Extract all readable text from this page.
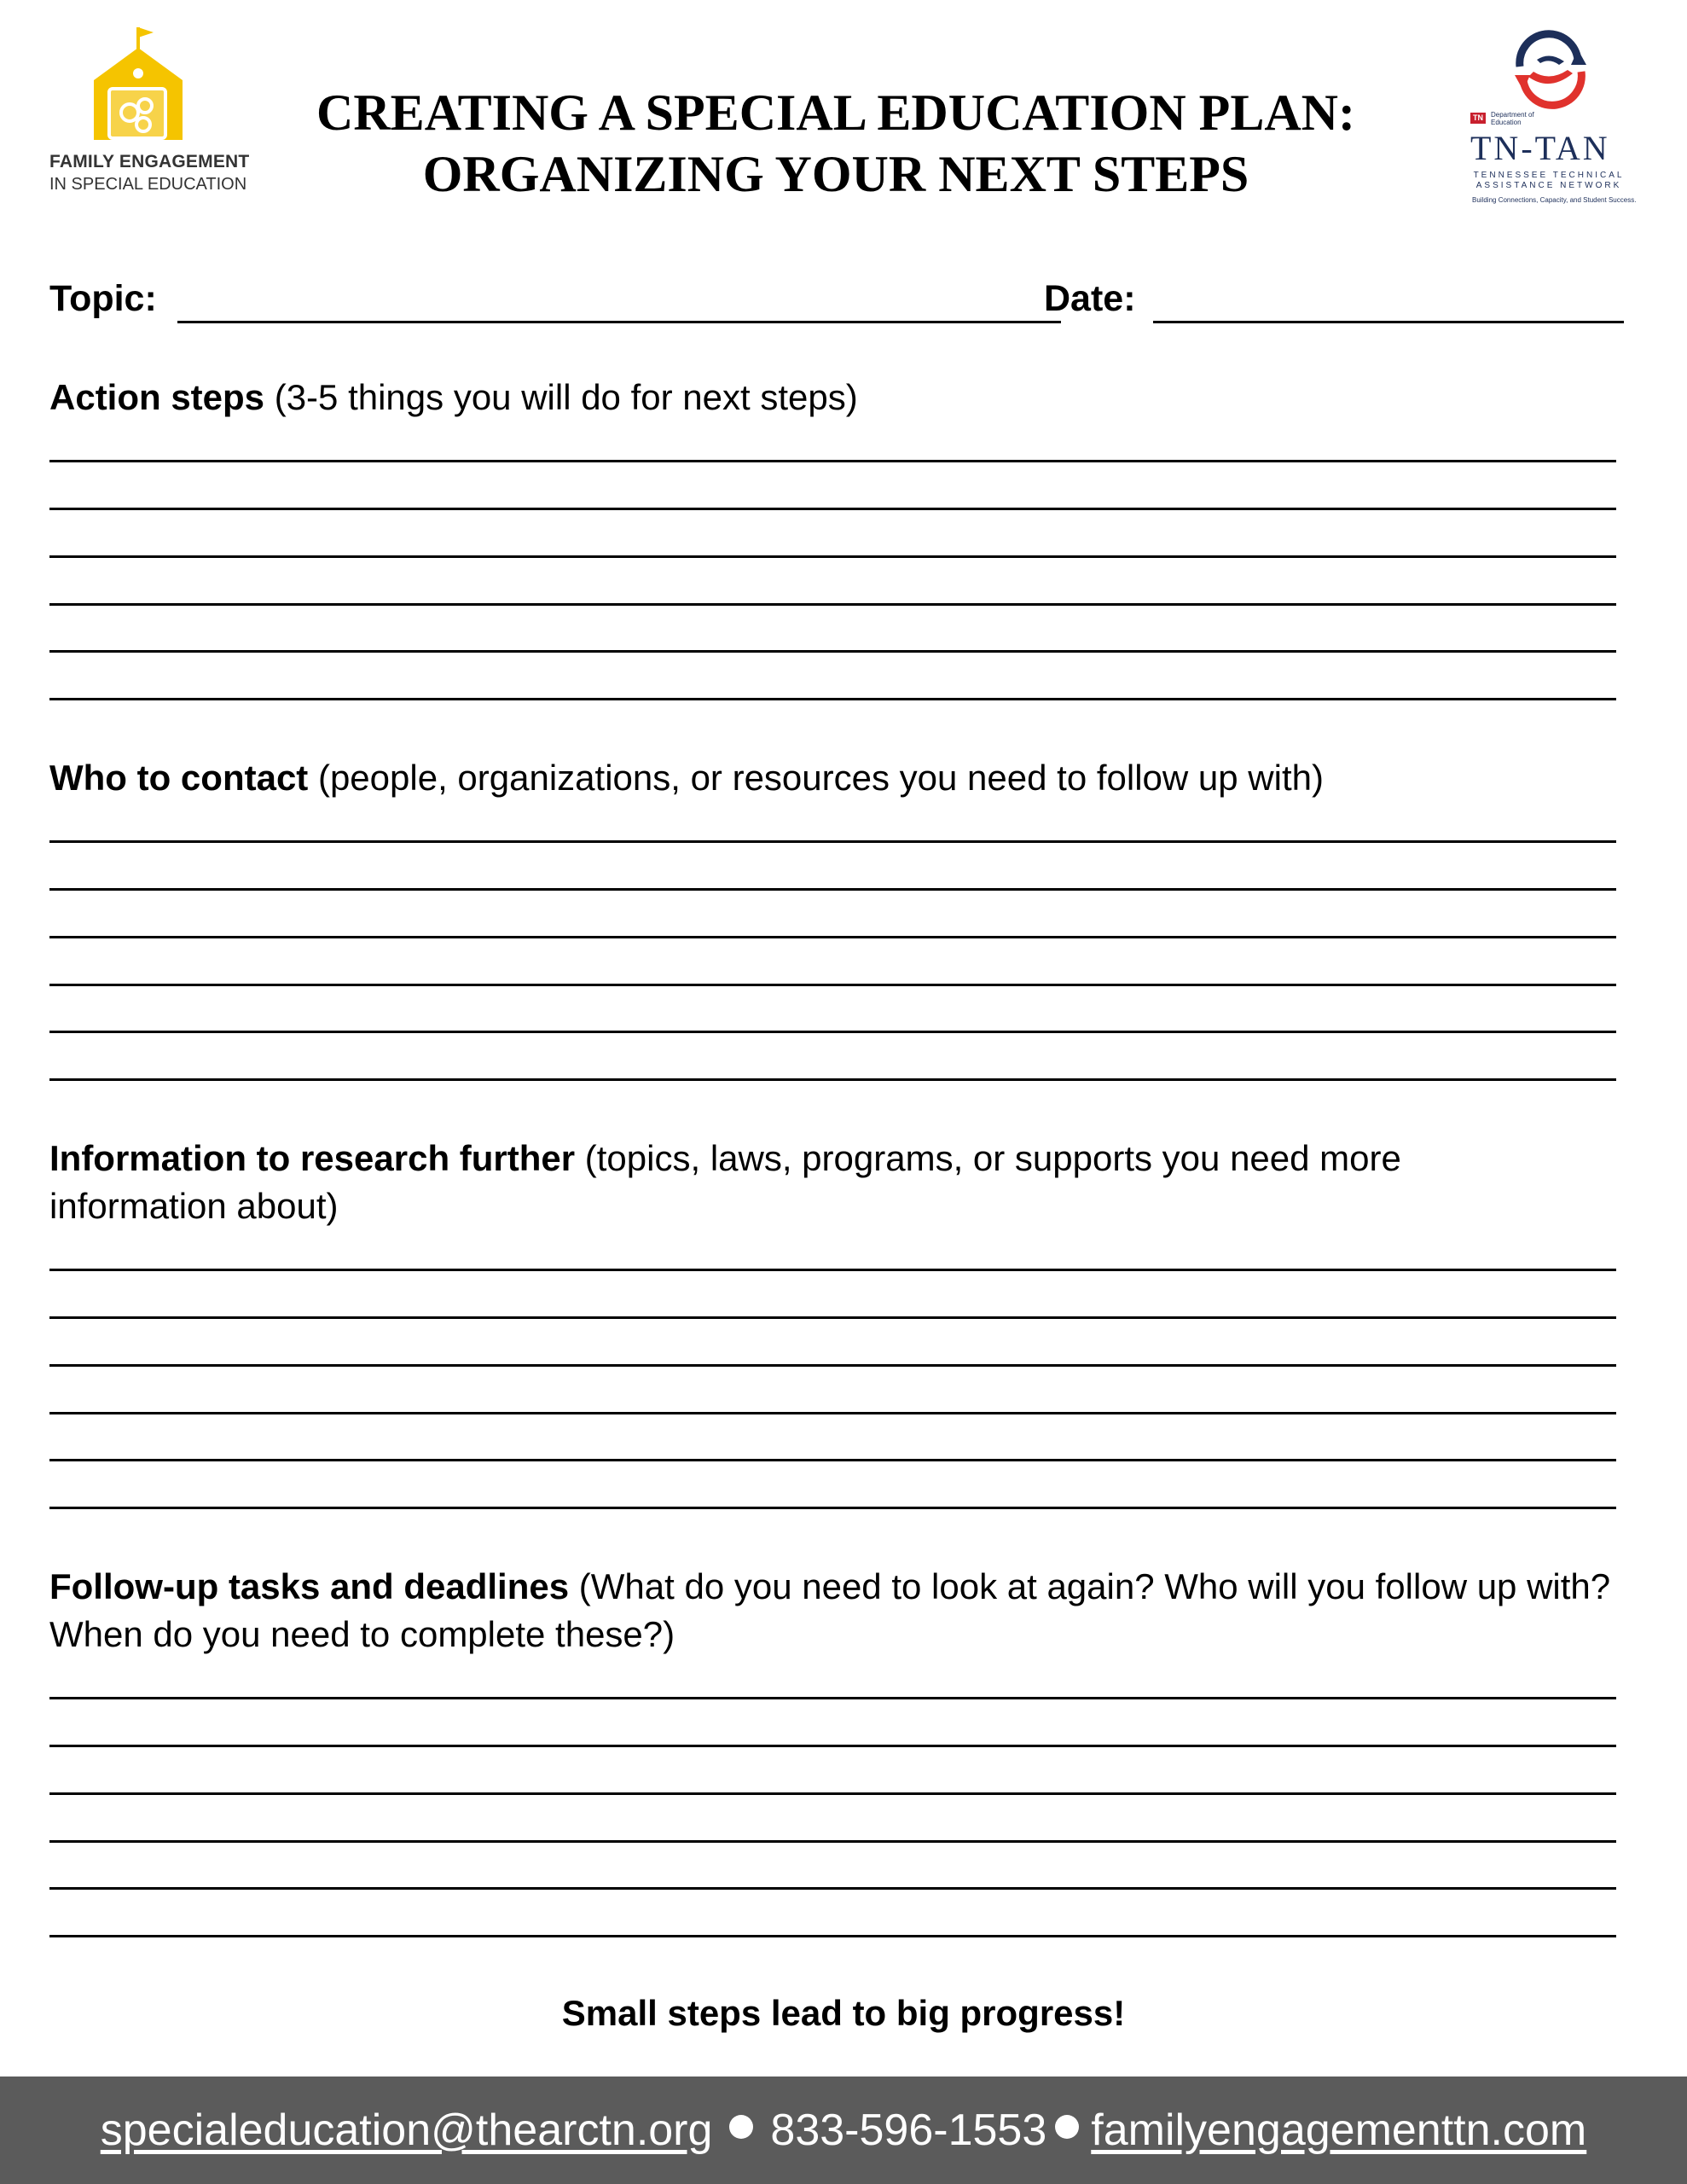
FAMILY ENGAGEMENT
IN SPECIAL EDUCATION
CREATING A SPECIAL EDUCATION PLAN:
ORGANIZING YOUR NEXT STEPS
TN	Department of Education
TN-TAN
TENNESSEE TECHNICAL
ASSISTANCE NETWORK
Building Connections, Capacity, and Student Success.
Topic:	Date:
Action steps (3-5 things you will do for next steps)
Who to contact (people, organizations, or resources you need to follow up with)
Information to research further (topics, laws, programs, or supports you need more information about)
Follow-up tasks and deadlines (What do you need to look at again? Who will you follow up with? When do you need to complete these?)
Small steps lead to big progress!
specialeducation@thearctn.org 833-596-1553 familyengagementtn.com
